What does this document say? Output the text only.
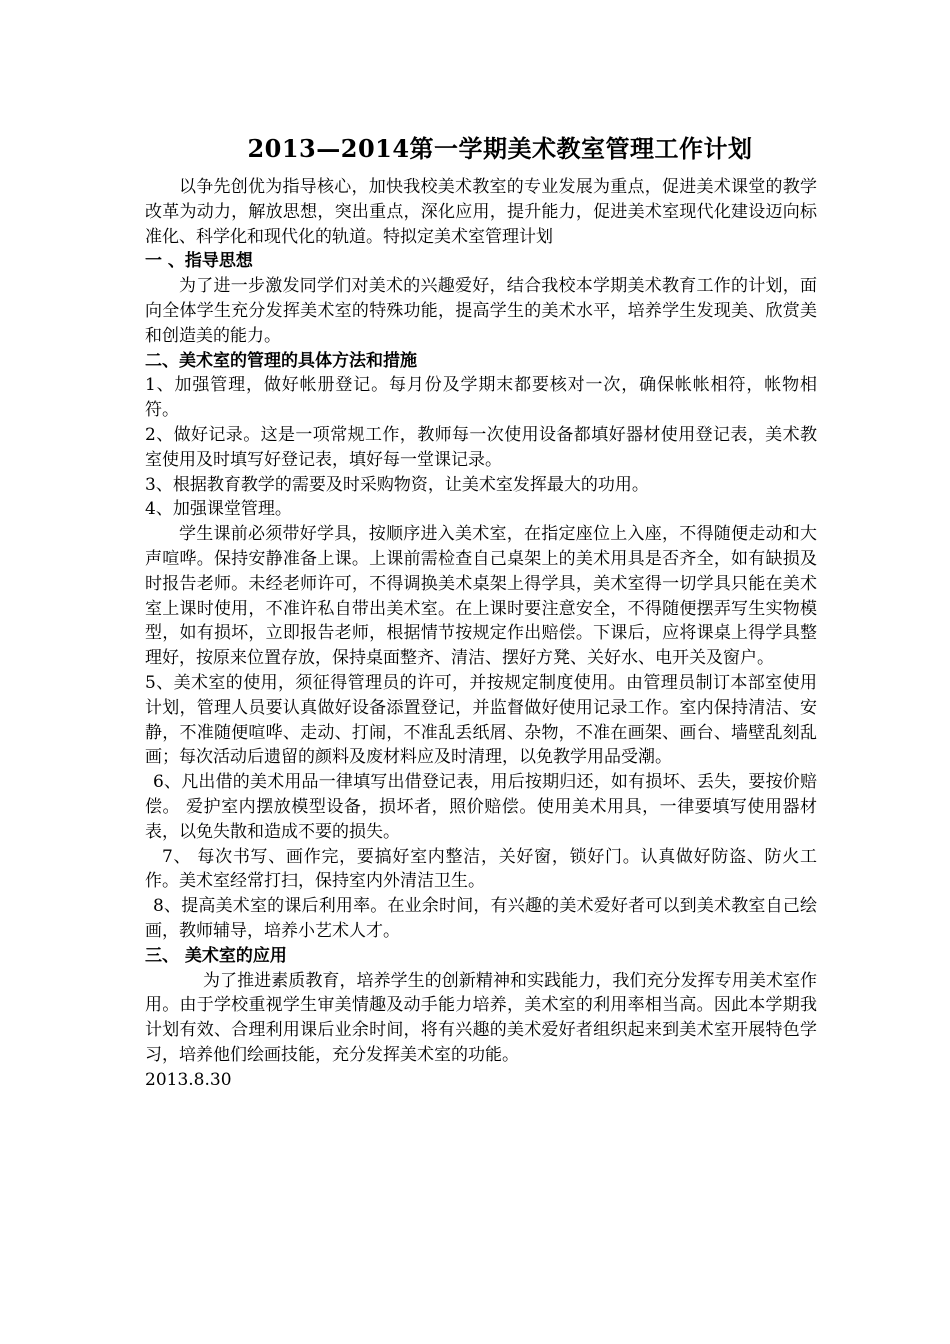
2013—2014第一学期美术教室管理工作计划

以争先创优为指导核心，加快我校美术教室的专业发展为重点，促进美术课堂的教学改革为动力，解放思想，突出重点，深化应用，提升能力，促进美术室现代化建设迈向标准化、科学化和现代化的轨道。特拟定美术室管理计划

一 、指导思想

为了进一步激发同学们对美术的兴趣爱好，结合我校本学期美术教育工作的计划，面向全体学生充分发挥美术室的特殊功能，提高学生的美术水平，培养学生发现美、欣赏美和创造美的能力。

二、美术室的管理的具体方法和措施

1、加强管理，做好帐册登记。每月份及学期末都要核对一次，确保帐帐相符，帐物相符。

2、做好记录。这是一项常规工作，教师每一次使用设备都填好器材使用登记表，美术教室使用及时填写好登记表，填好每一堂课记录。

3、根据教育教学的需要及时采购物资，让美术室发挥最大的功用。

4、加强课堂管理。

学生课前必须带好学具，按顺序进入美术室，在指定座位上入座，不得随便走动和大声喧哗。保持安静准备上课。上课前需检查自己桌架上的美术用具是否齐全，如有缺损及时报告老师。未经老师许可，不得调换美术桌架上得学具，美术室得一切学具只能在美术室上课时使用，不准许私自带出美术室。在上课时要注意安全，不得随便摆弄写生实物模型，如有损坏，立即报告老师，根据情节按规定作出赔偿。下课后，应将课桌上得学具整理好，按原来位置存放，保持桌面整齐、清洁、摆好方凳、关好水、电开关及窗户。

5、美术室的使用，须征得管理员的许可，并按规定制度使用。由管理员制订本部室使用计划，管理人员要认真做好设备添置登记，并监督做好使用记录工作。室内保持清洁、安静，不准随便喧哗、走动、打闹，不准乱丢纸屑、杂物，不准在画架、画台、墙壁乱刻乱画；每次活动后遗留的颜料及废材料应及时清理，以免教学用品受潮。

6、凡出借的美术用品一律填写出借登记表，用后按期归还，如有损坏、丢失，要按价赔偿。 爱护室内摆放模型设备，损坏者，照价赔偿。使用美术用具，一律要填写使用器材表，以免失散和造成不要的损失。

7、 每次书写、画作完，要搞好室内整洁，关好窗，锁好门。认真做好防盗、防火工作。美术室经常打扫，保持室内外清洁卫生。

8、提高美术室的课后利用率。在业余时间，有兴趣的美术爱好者可以到美术教室自己绘画，教师辅导，培养小艺术人才。

三、 美术室的应用

为了推进素质教育，培养学生的创新精神和实践能力，我们充分发挥专用美术室作用。由于学校重视学生审美情趣及动手能力培养，美术室的利用率相当高。因此本学期我计划有效、合理利用课后业余时间，将有兴趣的美术爱好者组织起来到美术室开展特色学习，培养他们绘画技能，充分发挥美术室的功能。

2013.8.30
